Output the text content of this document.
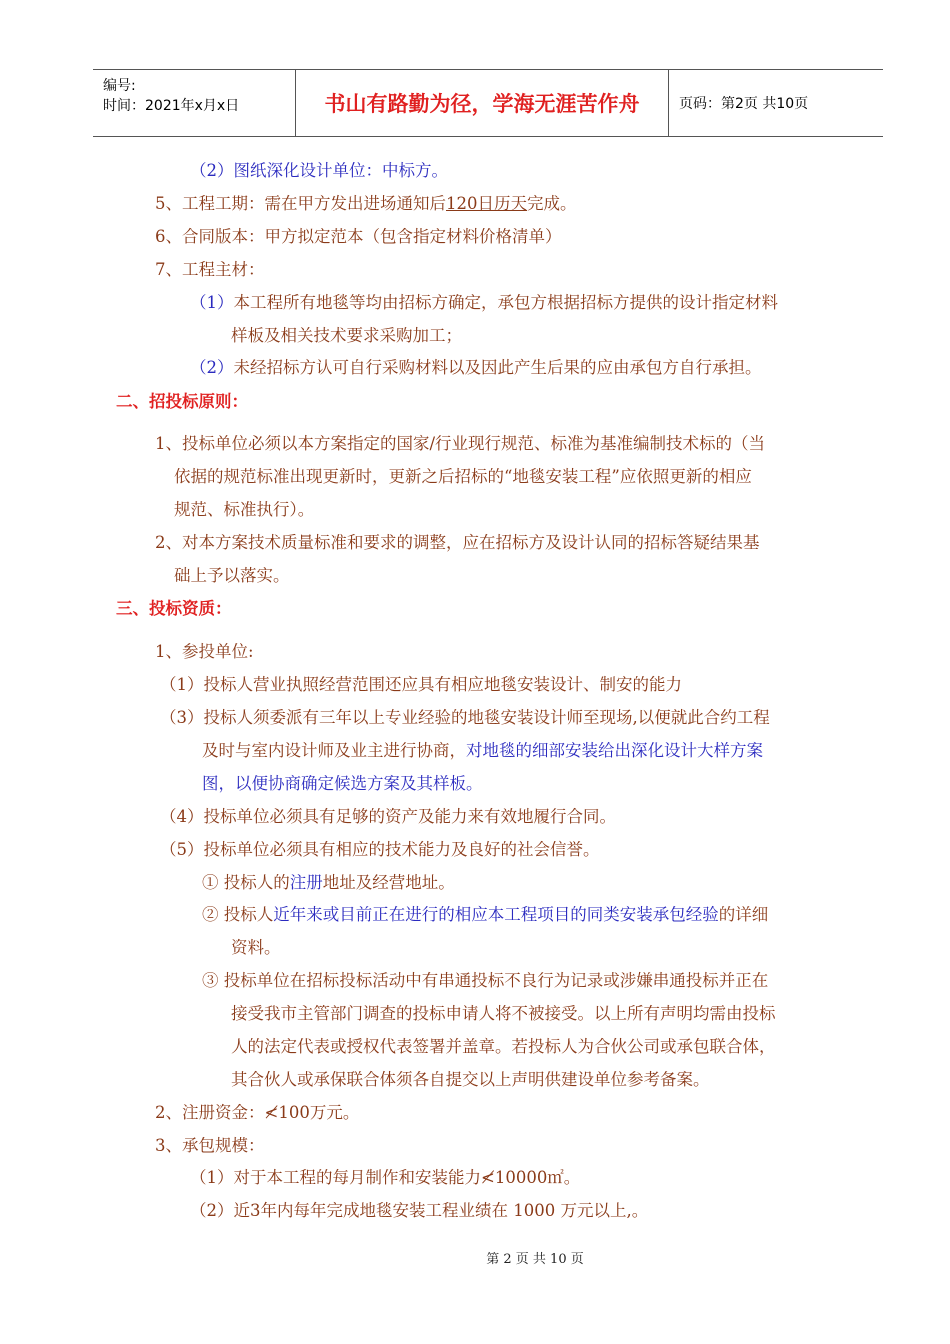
编号:
时间：2021年x月x日	书山有路勤为径，学海无涯苦作舟	页码：第2页 共10页
（2）图纸深化设计单位：中标方。
5、工程工期：需在甲方发出进场通知后120日历天完成。
6、合同版本：甲方拟定范本（包含指定材料价格清单）
7、工程主材：
（1）本工程所有地毯等均由招标方确定，承包方根据招标方提供的设计指定材料
样板及相关技术要求采购加工；
（2）未经招标方认可自行采购材料以及因此产生后果的应由承包方自行承担。
二、招投标原则：
1、投标单位必须以本方案指定的国家/行业现行规范、标准为基准编制技术标的（当
依据的规范标准出现更新时，更新之后招标的“地毯安装工程”应依照更新的相应
规范、标准执行）。
2、对本方案技术质量标准和要求的调整，应在招标方及设计认同的招标答疑结果基
础上予以落实。
三、投标资质：
1、参投单位:
（1）投标人营业执照经营范围还应具有相应地毯安装设计、制安的能力
（3）投标人须委派有三年以上专业经验的地毯安装设计师至现场,以便就此合约工程
及时与室内设计师及业主进行协商，对地毯的细部安装给出深化设计大样方案
图，以便协商确定候选方案及其样板。
（4）投标单位必须具有足够的资产及能力来有效地履行合同。
（5）投标单位必须具有相应的技术能力及良好的社会信誉。
① 投标人的注册地址及经营地址。
② 投标人近年来或目前正在进行的相应本工程项目的同类安装承包经验的详细
资料。
③ 投标单位在招标投标活动中有串通投标不良行为记录或涉嫌串通投标并正在
接受我市主管部门调查的投标申请人将不被接受。以上所有声明均需由投标
人的法定代表或授权代表签署并盖章。若投标人为合伙公司或承包联合体，
其合伙人或承保联合体须各自提交以上声明供建设单位参考备案。
2、注册资金：≮100万元。
3、承包规模：
（1）对于本工程的每月制作和安装能力≮10000㎡。
（2）近3年内每年完成地毯安装工程业绩在 1000 万元以上,。
第 2 页 共 10 页
